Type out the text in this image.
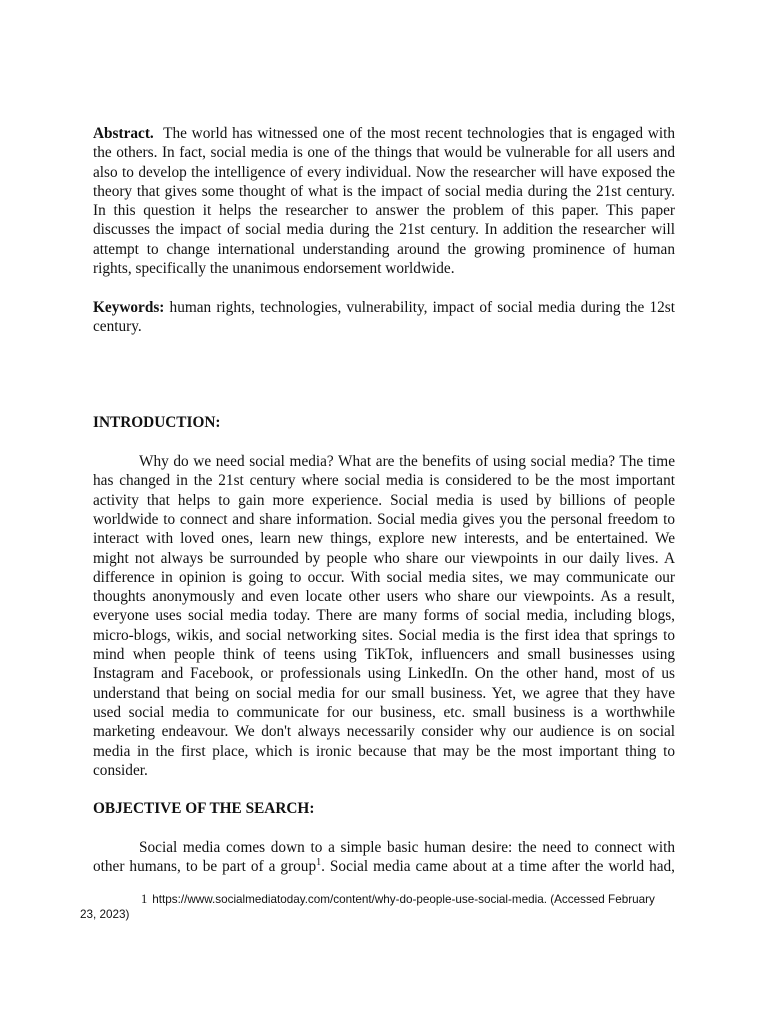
Abstract. The world has witnessed one of the most recent technologies that is engaged with
the others. In fact, social media is one of the things that would be vulnerable for all users and
also to develop the intelligence of every individual. Now the researcher will have exposed the
theory that gives some thought of what is the impact of social media during the 21st century.
In this question it helps the researcher to answer the problem of this paper. This paper
discusses the impact of social media during the 21st century. In addition the researcher will
attempt to change international understanding around the growing prominence of human
rights, specifically the unanimous endorsement worldwide.
Keywords: human rights, technologies, vulnerability, impact of social media during the 12st
century.
INTRODUCTION:
Why do we need social media? What are the benefits of using social media? The time
has changed in the 21st century where social media is considered to be the most important
activity that helps to gain more experience. Social media is used by billions of people
worldwide to connect and share information. Social media gives you the personal freedom to
interact with loved ones, learn new things, explore new interests, and be entertained. We
might not always be surrounded by people who share our viewpoints in our daily lives. A
difference in opinion is going to occur. With social media sites, we may communicate our
thoughts anonymously and even locate other users who share our viewpoints. As a result,
everyone uses social media today. There are many forms of social media, including blogs,
micro-blogs, wikis, and social networking sites. Social media is the first idea that springs to
mind when people think of teens using TikTok, influencers and small businesses using
Instagram and Facebook, or professionals using LinkedIn. On the other hand, most of us
understand that being on social media for our small business. Yet, we agree that they have
used social media to communicate for our business, etc. small business is a worthwhile
marketing endeavour. We don't always necessarily consider why our audience is on social
media in the first place, which is ironic because that may be the most important thing to
consider.
OBJECTIVE OF THE SEARCH:
Social media comes down to a simple basic human desire: the need to connect with
other humans, to be part of a group$^1$. Social media came about at a time after the world had,
1 https://www.socialmediatoday.com/content/why-do-people-use-social-media. (Accessed February
23, 2023)
